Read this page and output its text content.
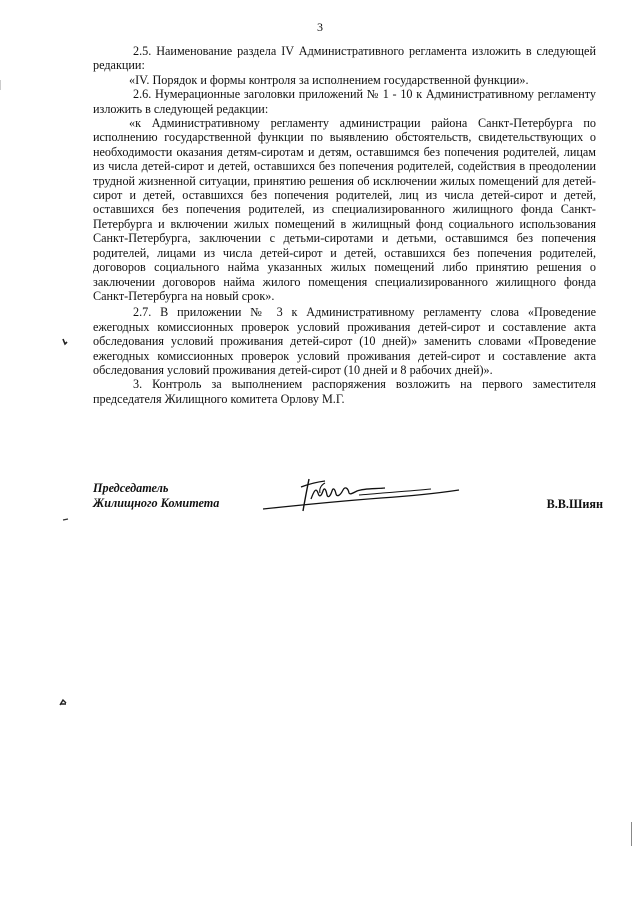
3

2.5. Наименование раздела IV Административного регламента изложить в следующей редакции:

«IV. Порядок и формы контроля за исполнением государственной функции».

2.6. Нумерационные заголовки приложений № 1 - 10 к Административному регламенту изложить в следующей редакции:

«к Административному регламенту администрации района Санкт-Петербурга по исполнению государственной функции по выявлению обстоятельств, свидетельствующих о необходимости оказания детям-сиротам и детям, оставшимся без попечения родителей, лицам из числа детей-сирот и детей, оставшихся без попечения родителей, содействия в преодолении трудной жизненной ситуации, принятию решения об исключении жилых помещений для детей-сирот и детей, оставшихся без попечения родителей, лиц из числа детей-сирот и детей, оставшихся без попечения родителей, из специализированного жилищного фонда Санкт-Петербурга и включении жилых помещений в жилищный фонд социального использования Санкт-Петербурга, заключении с детьми-сиротами и детьми, оставшимся без попечения родителей, лицами из числа детей-сирот и детей, оставшихся без попечения родителей, договоров социального найма указанных жилых помещений либо принятию решения о заключении договоров найма жилого помещения специализированного жилищного фонда Санкт-Петербурга на новый срок».

2.7. В приложении № 3 к Административному регламенту слова «Проведение ежегодных комиссионных проверок условий проживания детей-сирот и составление акта обследования условий проживания детей-сирот (10 дней)» заменить словами «Проведение ежегодных комиссионных проверок условий проживания детей-сирот и составление акта обследования условий проживания детей-сирот (10 дней и 8 рабочих дней)».

3. Контроль за выполнением распоряжения возложить на первого заместителя председателя Жилищного комитета Орлову М.Г.

Председатель
Жилищного Комитета	В.В.Шиян
